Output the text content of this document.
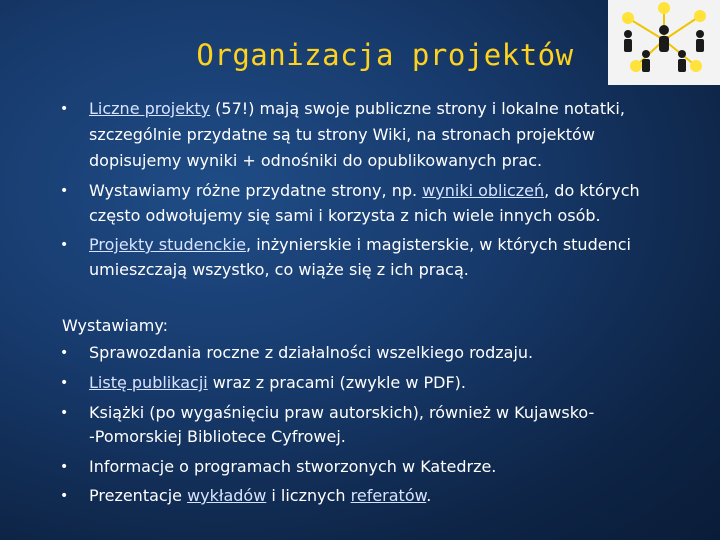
Organizacja projektów
• Liczne projekty (57!) mają swoje publiczne strony i lokalne notatki,
szczególnie przydatne są tu strony Wiki, na stronach projektów
dopisujemy wyniki + odnośniki do opublikowanych prac.
• Wystawiamy różne przydatne strony, np. wyniki obliczeń, do których
często odwołujemy się sami i korzysta z nich wiele innych osób.
• Projekty studenckie, inżynierskie i magisterskie, w których studenci
umieszczają wszystko, co wiąże się z ich pracą.
Wystawiamy:
• Sprawozdania roczne z działalności wszelkiego rodzaju.
• Listę publikacji wraz z pracami (zwykle w PDF).
• Książki (po wygaśnięciu praw autorskich), również w Kujawsko-
-Pomorskiej Bibliotece Cyfrowej.
• Informacje o programach stworzonych w Katedrze.
• Prezentacje wykładów i licznych referatów.
